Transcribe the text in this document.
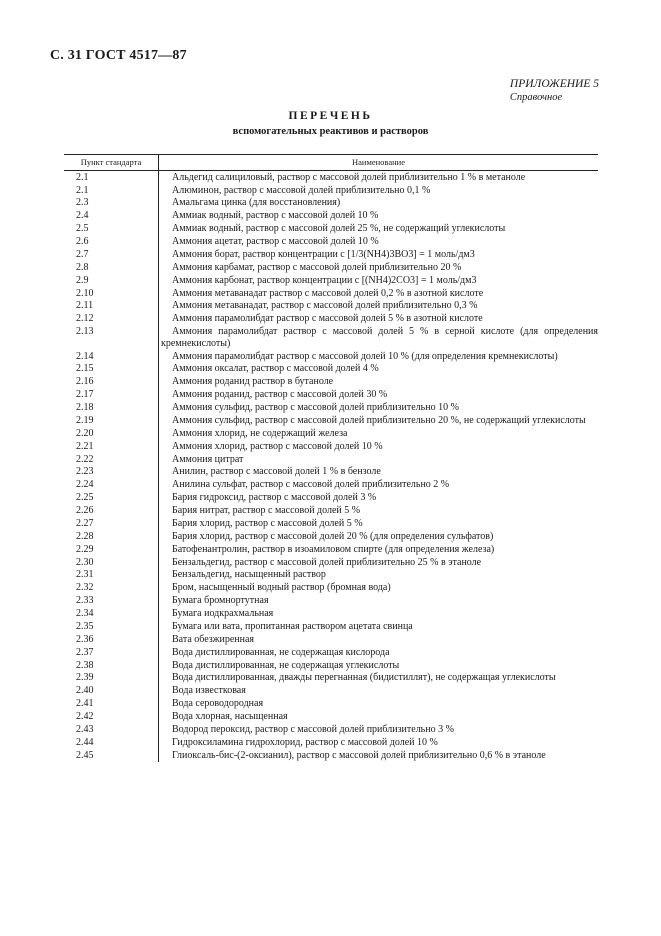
С. 31 ГОСТ 4517—87
ПРИЛОЖЕНИЕ 5
Справочное
ПЕРЕЧЕНЬ
вспомогательных реактивов и растворов
Пункт стандарта	Наименование
2.1	Альдегид салициловый, раствор с массовой долей приблизительно 1 % в метаноле

2.1	Алюминон, раствор с массовой долей приблизительно 0,1 %

2.3	Амальгама цинка (для восстановления)

2.4	Аммиак водный, раствор с массовой долей 10 %

2.5	Аммиак водный, раствор с массовой долей 25 %, не содержащий углекислоты

2.6	Аммония ацетат, раствор с массовой долей 10 %

2.7	Аммония борат, раствор концентрации с [1/3(NH4)3BO3] = 1 моль/дм3

2.8	Аммония карбамат, раствор с массовой долей приблизительно 20 %

2.9	Аммония карбонат, раствор концентрации с [(NH4)2CO3] = 1 моль/дм3

2.10	Аммония метаванадат раствор с массовой долей 0,2 % в азотной кислоте

2.11	Аммония метаванадат, раствор с массовой долей приблизительно 0,3 %

2.12	Аммония парамолибдат раствор с массовой долей 5 % в азотной кислоте

2.13	Аммония парамолибдат раствор с массовой долей 5 % в серной кислоте (для определения кремнекислоты)

2.14	Аммония парамолибдат раствор с массовой долей 10 % (для определения кремнекислоты)

2.15	Аммония оксалат, раствор с массовой долей 4 %

2.16	Аммония роданид раствор в бутаноле

2.17	Аммония роданид, раствор с массовой долей 30 %

2.18	Аммония сульфид, раствор с массовой долей приблизительно 10 %

2.19	Аммония сульфид, раствор с массовой долей приблизительно 20 %, не содержащий углекислоты

2.20	Аммония хлорид, не содержащий железа

2.21	Аммония хлорид, раствор с массовой долей 10 %

2.22	Аммония цитрат

2.23	Анилин, раствор с массовой долей 1 % в бензоле

2.24	Анилина сульфат, раствор с массовой долей приблизительно 2 %

2.25	Бария гидроксид, раствор с массовой долей 3 %

2.26	Бария нитрат, раствор с массовой долей 5 %

2.27	Бария хлорид, раствор с массовой долей 5 %

2.28	Бария хлорид, раствор с массовой долей 20 % (для определения сульфатов)

2.29	Батофенантролин, раствор в изоамиловом спирте (для определения железа)

2.30	Бензальдегид, раствор с массовой долей приблизительно 25 % в этаноле

2.31	Бензальдегид, насыщенный раствор

2.32	Бром, насыщенный водный раствор (бромная вода)

2.33	Бумага бромнортутная

2.34	Бумага иодкрахмальная

2.35	Бумага или вата, пропитанная раствором ацетата свинца

2.36	Вата обезжиренная

2.37	Вода дистиллированная, не содержащая кислорода

2.38	Вода дистиллированная, не содержащая углекислоты

2.39	Вода дистиллированная, дважды перегнанная (бидистиллят), не содержащая углекислоты

2.40	Вода известковая

2.41	Вода сероводородная

2.42	Вода хлорная, насыщенная

2.43	Водород пероксид, раствор с массовой долей приблизительно 3 %

2.44	Гидроксиламина гидрохлорид, раствор с массовой долей 10 %

2.45	Глиоксаль-бис-(2-оксианил), раствор с массовой долей приблизительно 0,6 % в этаноле
